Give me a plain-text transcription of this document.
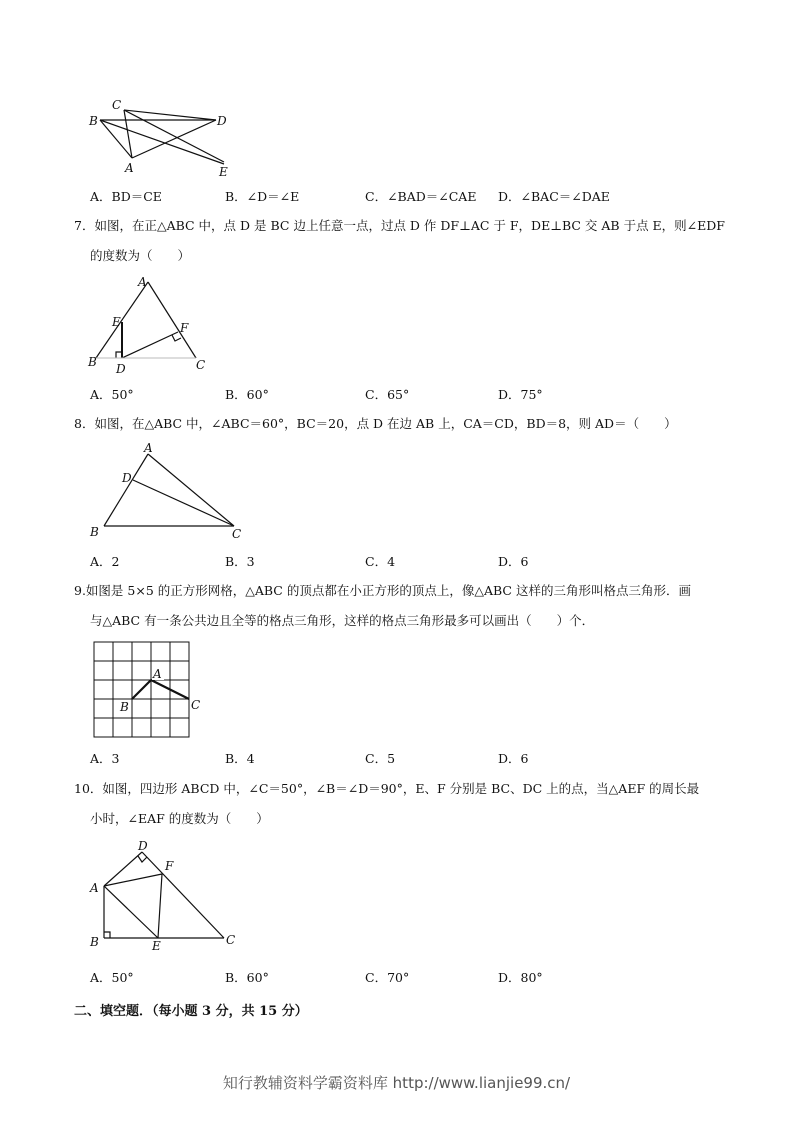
C
B	D
A	E
A．BD＝CE	B．∠D＝∠E	C．∠BAD＝∠CAE D．∠BAC＝∠DAE
7．如图，在正△ABC 中，点 D 是 BC 边上任意一点，过点 D 作 DF⊥AC 于 F，DE⊥BC 交 AB 于点 E，则∠EDF
的度数为（　　）
A
E	F
B D	C
A．50°	B．60°	C．65°	D．75°
8．如图，在△ABC 中，∠ABC＝60°，BC＝20，点 D 在边 AB 上，CA＝CD，BD＝8，则 AD＝（　　）
A
D
B	C
A．2	B．3	C．4	D．6
9.如图是 5×5 的正方形网格，△ABC 的顶点都在小正方形的顶点上，像△ABC 这样的三角形叫格点三角形．画
与△ABC 有一条公共边且全等的格点三角形，这样的格点三角形最多可以画出（　　）个．
A
B	C
A．3	B．4	C．5	D．6
10．如图，四边形 ABCD 中，∠C＝50°，∠B＝∠D＝90°，E、F 分别是 BC、DC 上的点，当△AEF 的周长最
小时，∠EAF 的度数为（　　）
D
F
A
B	E	C
A．50°	B．60°	C．70°	D．80°
二、填空题．（每小题 3 分，共 15 分）
知行教辅资料学霸资料库 http://www.lianjie99.cn/
